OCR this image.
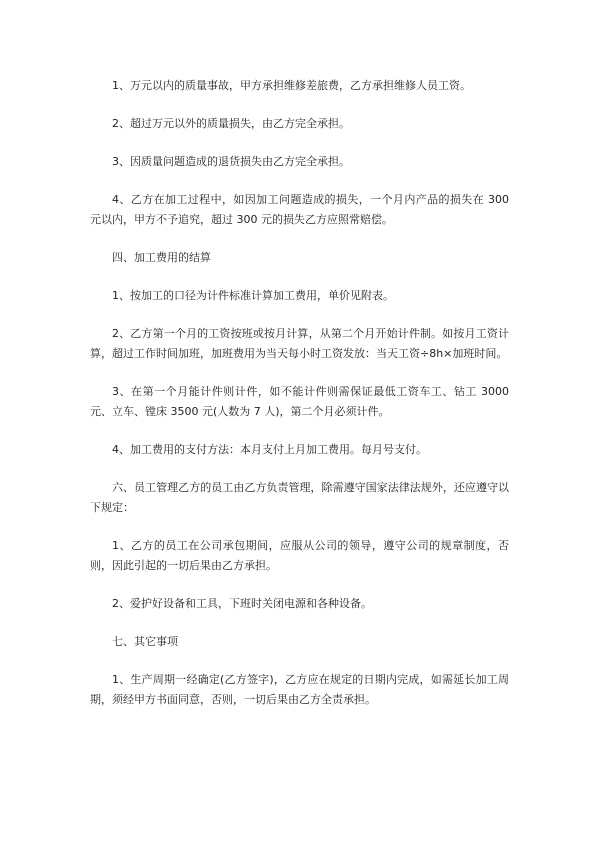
1、万元以内的质量事故，甲方承担维修差旅费，乙方承担维修人员工资。

2、超过万元以外的质量损失，由乙方完全承担。

3、因质量问题造成的退货损失由乙方完全承担。

4、乙方在加工过程中，如因加工问题造成的损失，一个月内产品的损失在 300 元以内，甲方不予追究，超过 300 元的损失乙方应照常赔偿。

四、加工费用的结算

1、按加工的口径为计件标准计算加工费用，单价见附表。

2、乙方第一个月的工资按班或按月计算，从第二个月开始计件制。如按月工资计算，超过工作时间加班，加班费用为当天每小时工资发放：当天工资÷8h×加班时间。

3、在第一个月能计件则计件，如不能计件则需保证最低工资车工、钻工 3000 元、立车、镗床 3500 元(人数为 7 人)，第二个月必须计件。

4、加工费用的支付方法：本月支付上月加工费用。每月号支付。

六、员工管理乙方的员工由乙方负责管理，除需遵守国家法律法规外，还应遵守以下规定：

1、乙方的员工在公司承包期间，应服从公司的领导，遵守公司的规章制度，否则，因此引起的一切后果由乙方承担。

2、爱护好设备和工具，下班时关闭电源和各种设备。

七、其它事项

1、生产周期一经确定(乙方签字)，乙方应在规定的日期内完成，如需延长加工周期，须经甲方书面同意，否则，一切后果由乙方全责承担。
